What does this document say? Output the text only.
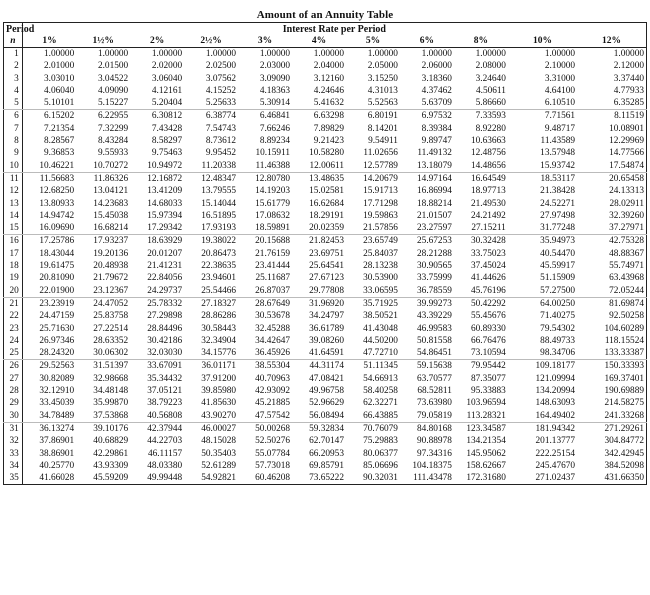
Amount of an Annuity Table
Period	Interest Rate per Period										
n	1%	1½%	2%	2½%	3%	4%	5%	6%	8%	10%	12%
1	1.00000	1.00000	1.00000	1.00000	1.00000	1.00000	1.00000	1.00000	1.00000	1.00000	1.00000
2	2.01000	2.01500	2.02000	2.02500	2.03000	2.04000	2.05000	2.06000	2.08000	2.10000	2.12000
3	3.03010	3.04522	3.06040	3.07562	3.09090	3.12160	3.15250	3.18360	3.24640	3.31000	3.37440
4	4.06040	4.09090	4.12161	4.15252	4.18363	4.24646	4.31013	4.37462	4.50611	4.64100	4.77933
5	5.10101	5.15227	5.20404	5.25633	5.30914	5.41632	5.52563	5.63709	5.86660	6.10510	6.35285
6	6.15202	6.22955	6.30812	6.38774	6.46841	6.63298	6.80191	6.97532	7.33593	7.71561	8.11519
7	7.21354	7.32299	7.43428	7.54743	7.66246	7.89829	8.14201	8.39384	8.92280	9.48717	10.08901
8	8.28567	8.43284	8.58297	8.73612	8.89234	9.21423	9.54911	9.89747	10.63663	11.43589	12.29969
9	9.36853	9.55933	9.75463	9.95452	10.15911	10.58280	11.02656	11.49132	12.48756	13.57948	14.77566
10	10.46221	10.70272	10.94972	11.20338	11.46388	12.00611	12.57789	13.18079	14.48656	15.93742	17.54874
11	11.56683	11.86326	12.16872	12.48347	12.80780	13.48635	14.20679	14.97164	16.64549	18.53117	20.65458
12	12.68250	13.04121	13.41209	13.79555	14.19203	15.02581	15.91713	16.86994	18.97713	21.38428	24.13313
13	13.80933	14.23683	14.68033	15.14044	15.61779	16.62684	17.71298	18.88214	21.49530	24.52271	28.02911
14	14.94742	15.45038	15.97394	16.51895	17.08632	18.29191	19.59863	21.01507	24.21492	27.97498	32.39260
15	16.09690	16.68214	17.29342	17.93193	18.59891	20.02359	21.57856	23.27597	27.15211	31.77248	37.27971
16	17.25786	17.93237	18.63929	19.38022	20.15688	21.82453	23.65749	25.67253	30.32428	35.94973	42.75328
17	18.43044	19.20136	20.01207	20.86473	21.76159	23.69751	25.84037	28.21288	33.75023	40.54470	48.88367
18	19.61475	20.48938	21.41231	22.38635	23.41444	25.64541	28.13238	30.90565	37.45024	45.59917	55.74971
19	20.81090	21.79672	22.84056	23.94601	25.11687	27.67123	30.53900	33.75999	41.44626	51.15909	63.43968
20	22.01900	23.12367	24.29737	25.54466	26.87037	29.77808	33.06595	36.78559	45.76196	57.27500	72.05244
21	23.23919	24.47052	25.78332	27.18327	28.67649	31.96920	35.71925	39.99273	50.42292	64.00250	81.69874
22	24.47159	25.83758	27.29898	28.86286	30.53678	34.24797	38.50521	43.39229	55.45676	71.40275	92.50258
23	25.71630	27.22514	28.84496	30.58443	32.45288	36.61789	41.43048	46.99583	60.89330	79.54302	104.60289
24	26.97346	28.63352	30.42186	32.34904	34.42647	39.08260	44.50200	50.81558	66.76476	88.49733	118.15524
25	28.24320	30.06302	32.03030	34.15776	36.45926	41.64591	47.72710	54.86451	73.10594	98.34706	133.33387
26	29.52563	31.51397	33.67091	36.01171	38.55304	44.31174	51.11345	59.15638	79.95442	109.18177	150.33393
27	30.82089	32.98668	35.34432	37.91200	40.70963	47.08421	54.66913	63.70577	87.35077	121.09994	169.37401
28	32.12910	34.48148	37.05121	39.85980	42.93092	49.96758	58.40258	68.52811	95.33883	134.20994	190.69889
29	33.45039	35.99870	38.79223	41.85630	45.21885	52.96629	62.32271	73.63980	103.96594	148.63093	214.58275
30	34.78489	37.53868	40.56808	43.90270	47.57542	56.08494	66.43885	79.05819	113.28321	164.49402	241.33268
31	36.13274	39.10176	42.37944	46.00027	50.00268	59.32834	70.76079	84.80168	123.34587	181.94342	271.29261
32	37.86901	40.68829	44.22703	48.15028	52.50276	62.70147	75.29883	90.88978	134.21354	201.13777	304.84772
33	38.86901	42.29861	46.11157	50.35403	55.07784	66.20953	80.06377	97.34316	145.95062	222.25154	342.42945
34	40.25770	43.93309	48.03380	52.61289	57.73018	69.85791	85.06696	104.18375	158.62667	245.47670	384.52098
35	41.66028	45.59209	49.99448	54.92821	60.46208	73.65222	90.32031	111.43478	172.31680	271.02437	431.66350
